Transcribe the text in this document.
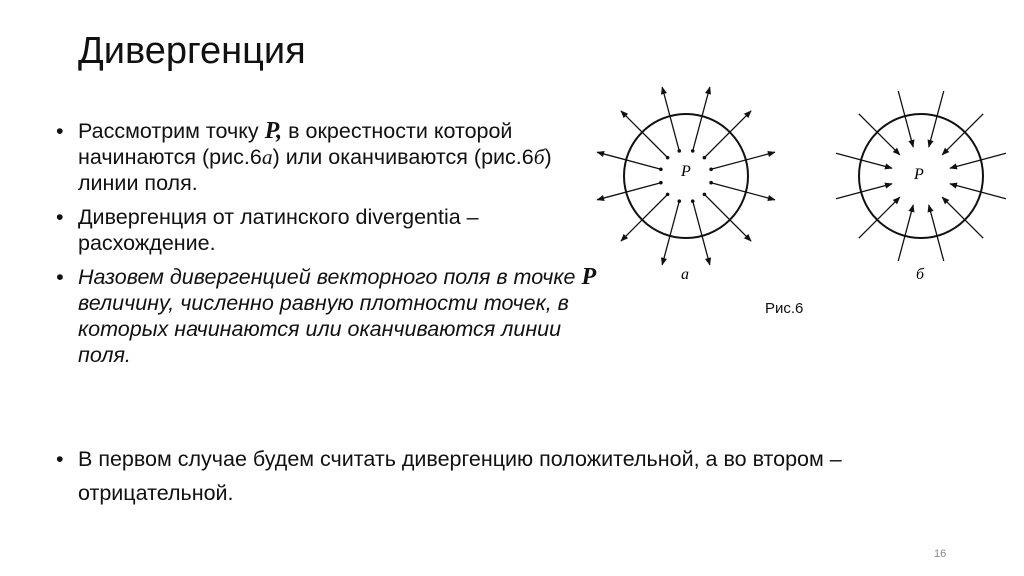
Дивергенция
• Рассмотрим точку P, в окрестности которой начинаются (рис.6а) или оканчиваются (рис.6б) линии поля.
• Дивергенция от латинского divergentia – расхождение.
• Назовем дивергенцией векторного поля в точке P величину, численно равную плотности точек, в которых начинаются или оканчиваются линии поля.
• В первом случае будем считать дивергенцию положительной, а во втором – отрицательной.
P
а
P
б
Рис.6
16
